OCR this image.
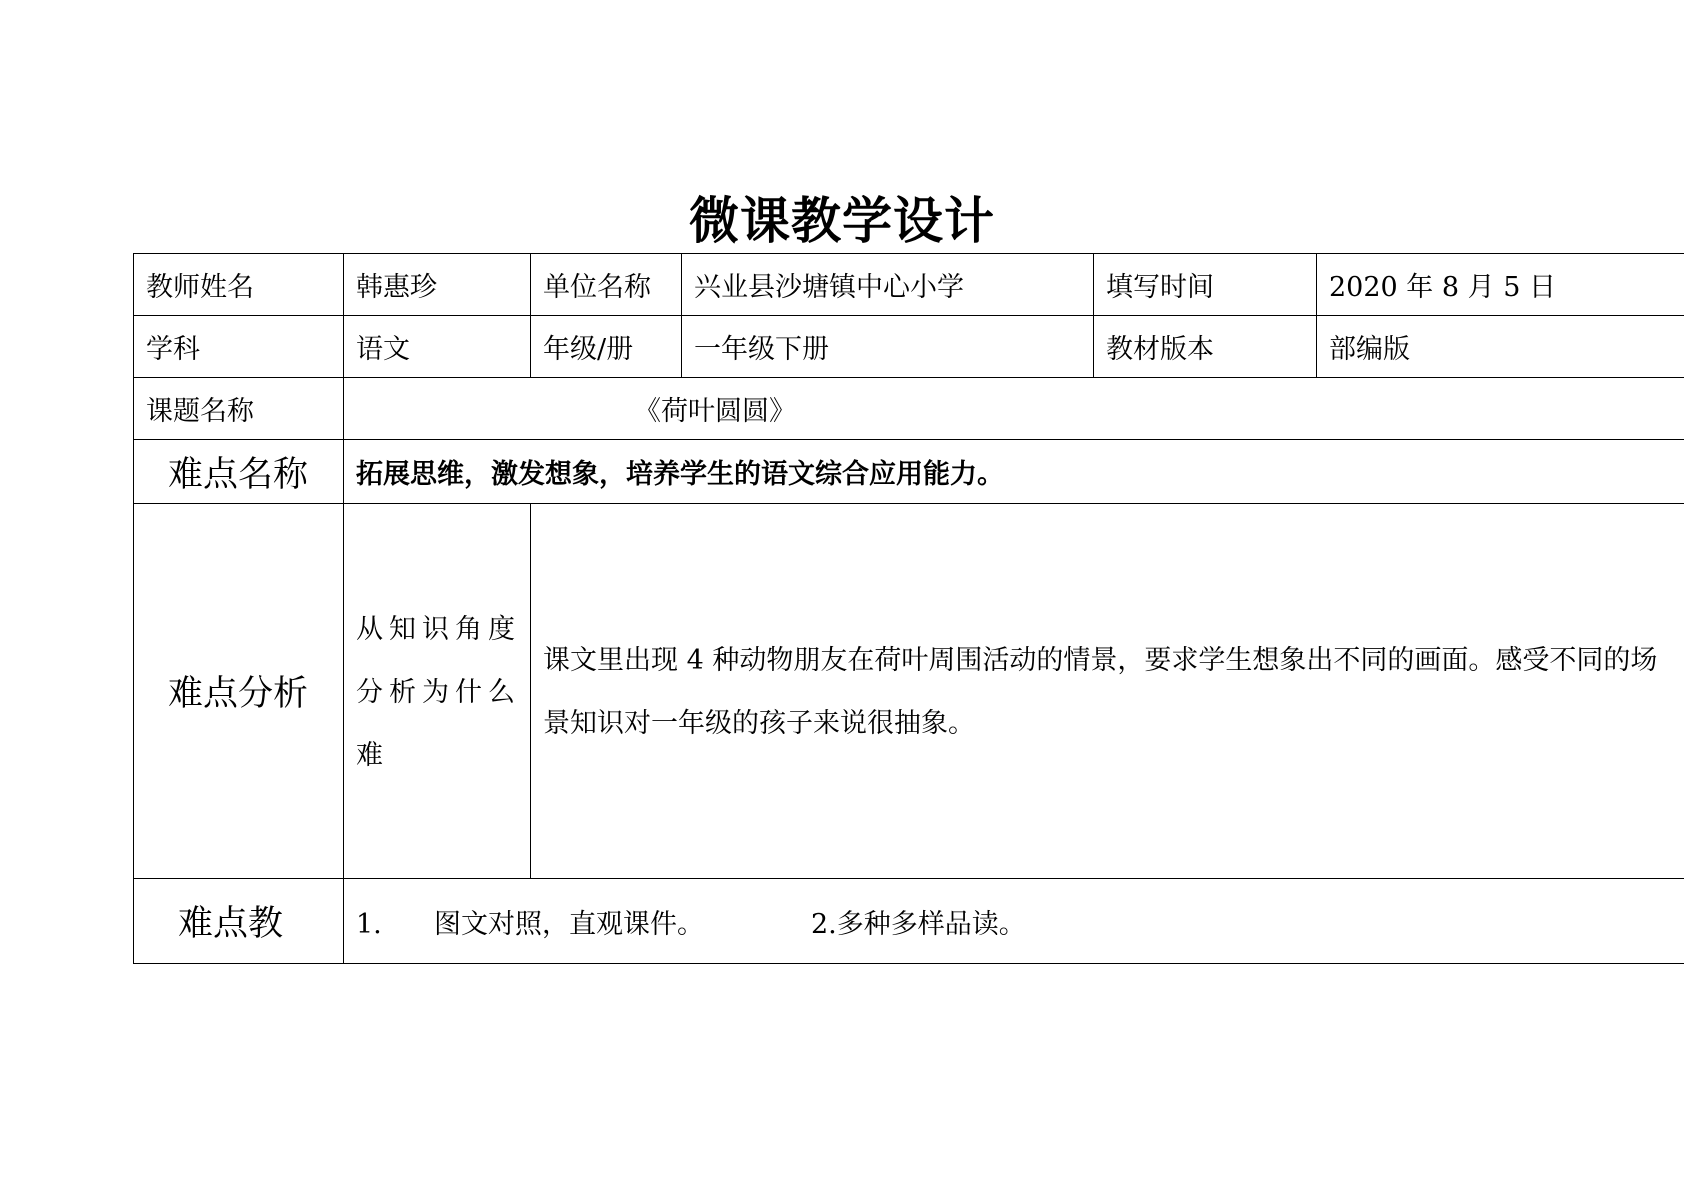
微课教学设计
教师姓名	韩惠珍	单位名称	兴业县沙塘镇中心小学	填写时间	2020 年 8 月 5 日
学科	语文	年级/册	一年级下册	教材版本	部编版
课题名称	《荷叶圆圆》				
难点名称	拓展思维，激发想象，培养学生的语文综合应用能力。				
难点分析	从知识角度分析为什么难	课文里出现 4 种动物朋友在荷叶周围活动的情景，要求学生想象出不同的画面。感受不同的场景知识对一年级的孩子来说很抽象。			
难点教	1. 图文对照，直观课件。 2.多种多样品读。				
